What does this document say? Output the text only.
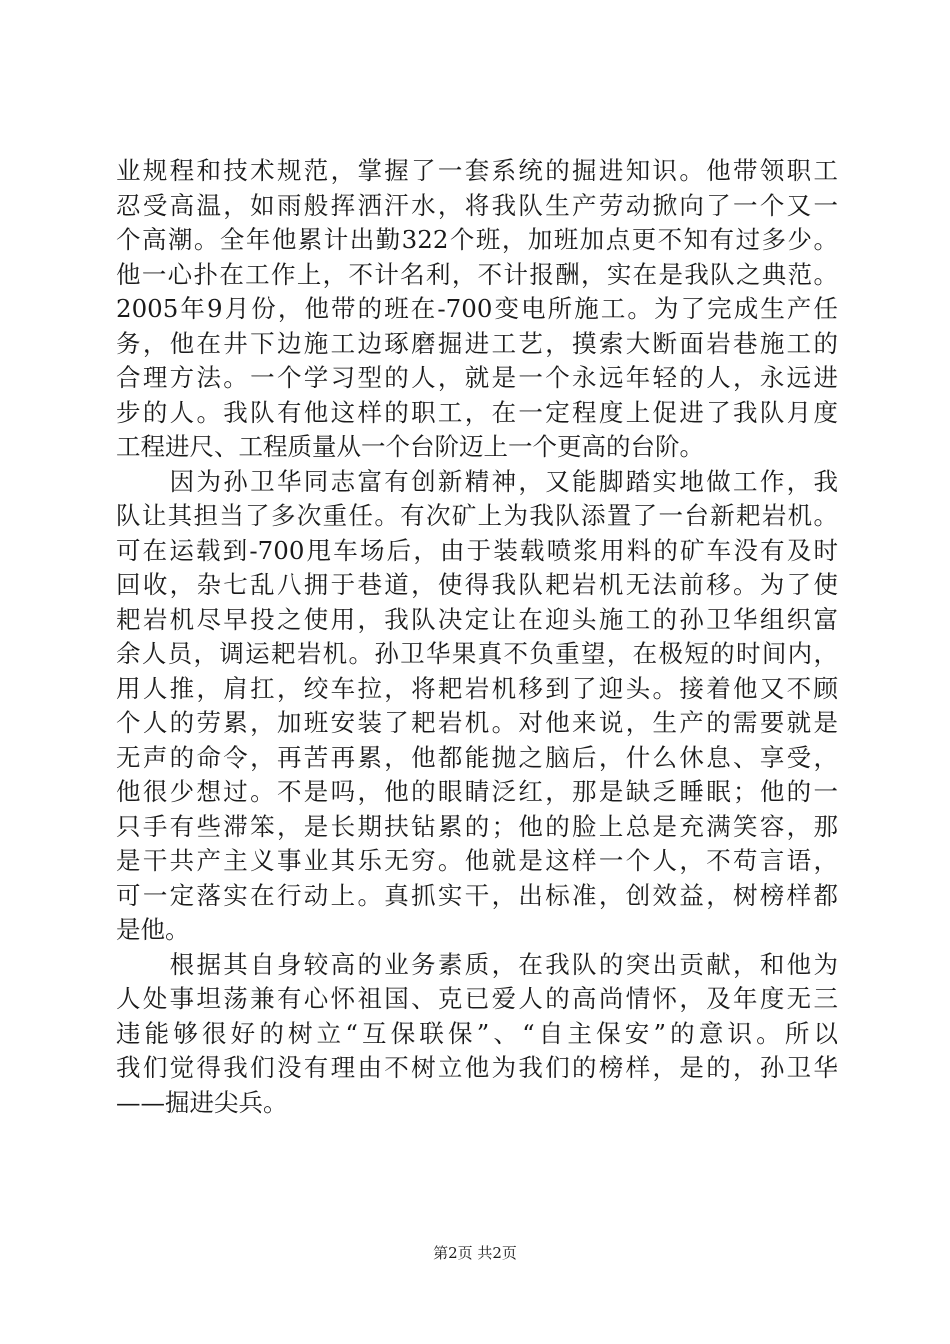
业规程和技术规范，掌握了一套系统的掘进知识。他带领职工
忍受高温，如雨般挥洒汗水，将我队生产劳动掀向了一个又一
个高潮。全年他累计出勤322个班，加班加点更不知有过多少。
他一心扑在工作上，不计名利，不计报酬，实在是我队之典范。
2005年9月份，他带的班在-700变电所施工。为了完成生产任
务，他在井下边施工边琢磨掘进工艺，摸索大断面岩巷施工的
合理方法。一个学习型的人，就是一个永远年轻的人，永远进
步的人。我队有他这样的职工，在一定程度上促进了我队月度
工程进尺、工程质量从一个台阶迈上一个更高的台阶。
　　因为孙卫华同志富有创新精神，又能脚踏实地做工作，我
队让其担当了多次重任。有次矿上为我队添置了一台新耙岩机。
可在运载到-700甩车场后，由于装载喷浆用料的矿车没有及时
回收，杂七乱八拥于巷道，使得我队耙岩机无法前移。为了使
耙岩机尽早投之使用，我队决定让在迎头施工的孙卫华组织富
余人员，调运耙岩机。孙卫华果真不负重望，在极短的时间内，
用人推，肩扛，绞车拉，将耙岩机移到了迎头。接着他又不顾
个人的劳累，加班安装了耙岩机。对他来说，生产的需要就是
无声的命令，再苦再累，他都能抛之脑后，什么休息、享受，
他很少想过。不是吗，他的眼睛泛红，那是缺乏睡眠；他的一
只手有些滞笨，是长期扶钻累的；他的脸上总是充满笑容，那
是干共产主义事业其乐无穷。他就是这样一个人，不苟言语，
可一定落实在行动上。真抓实干，出标准，创效益，树榜样都
是他。
　　根据其自身较高的业务素质，在我队的突出贡献，和他为
人处事坦荡兼有心怀祖国、克已爱人的高尚情怀，及年度无三
违能够很好的树立“互保联保”、“自主保安”的意识。所以
我们觉得我们没有理由不树立他为我们的榜样，是的，孙卫华
——掘进尖兵。
第2页 共2页
